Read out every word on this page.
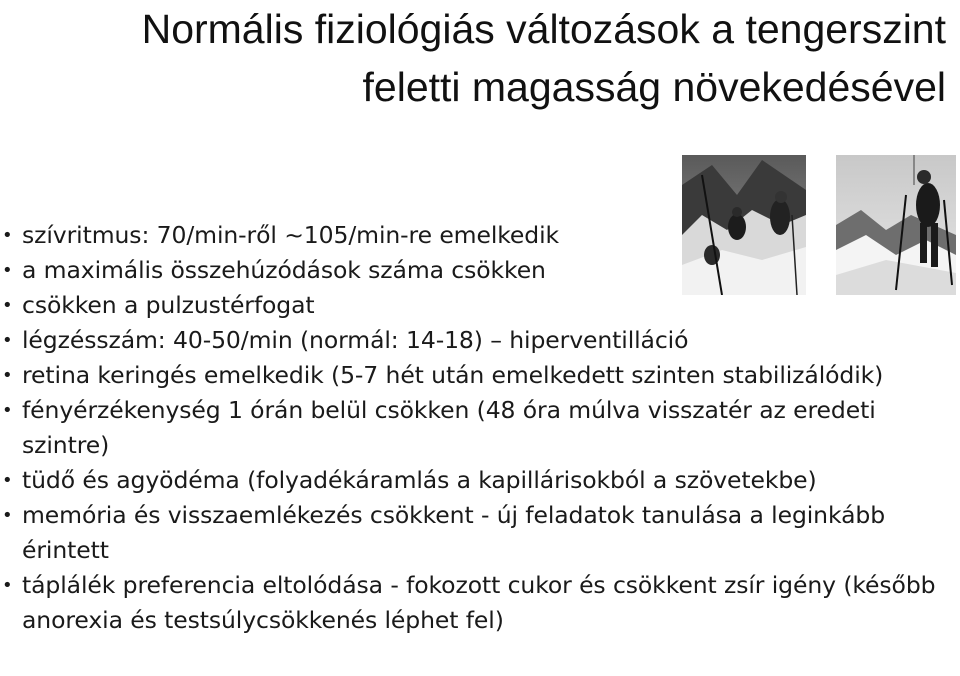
Normális fiziológiás változások a tengerszint
feletti magasság növekedésével
• szívritmus: 70/min-ről ~105/min-re emelkedik
• a maximális összehúzódások száma csökken
• csökken a pulzustérfogat
• légzésszám: 40-50/min (normál: 14-18) – hiperventilláció
• retina keringés emelkedik (5-7 hét után emelkedett szinten stabilizálódik)
• fényérzékenység 1 órán belül csökken (48 óra múlva visszatér az eredeti szintre)
• tüdő és agyödéma (folyadékáramlás a kapillárisokból a szövetekbe)
• memória és visszaemlékezés csökkent - új feladatok tanulása a leginkább érintett
• táplálék preferencia eltolódása - fokozott cukor és csökkent zsír igény (később anorexia és testsúlycsökkenés léphet fel)
